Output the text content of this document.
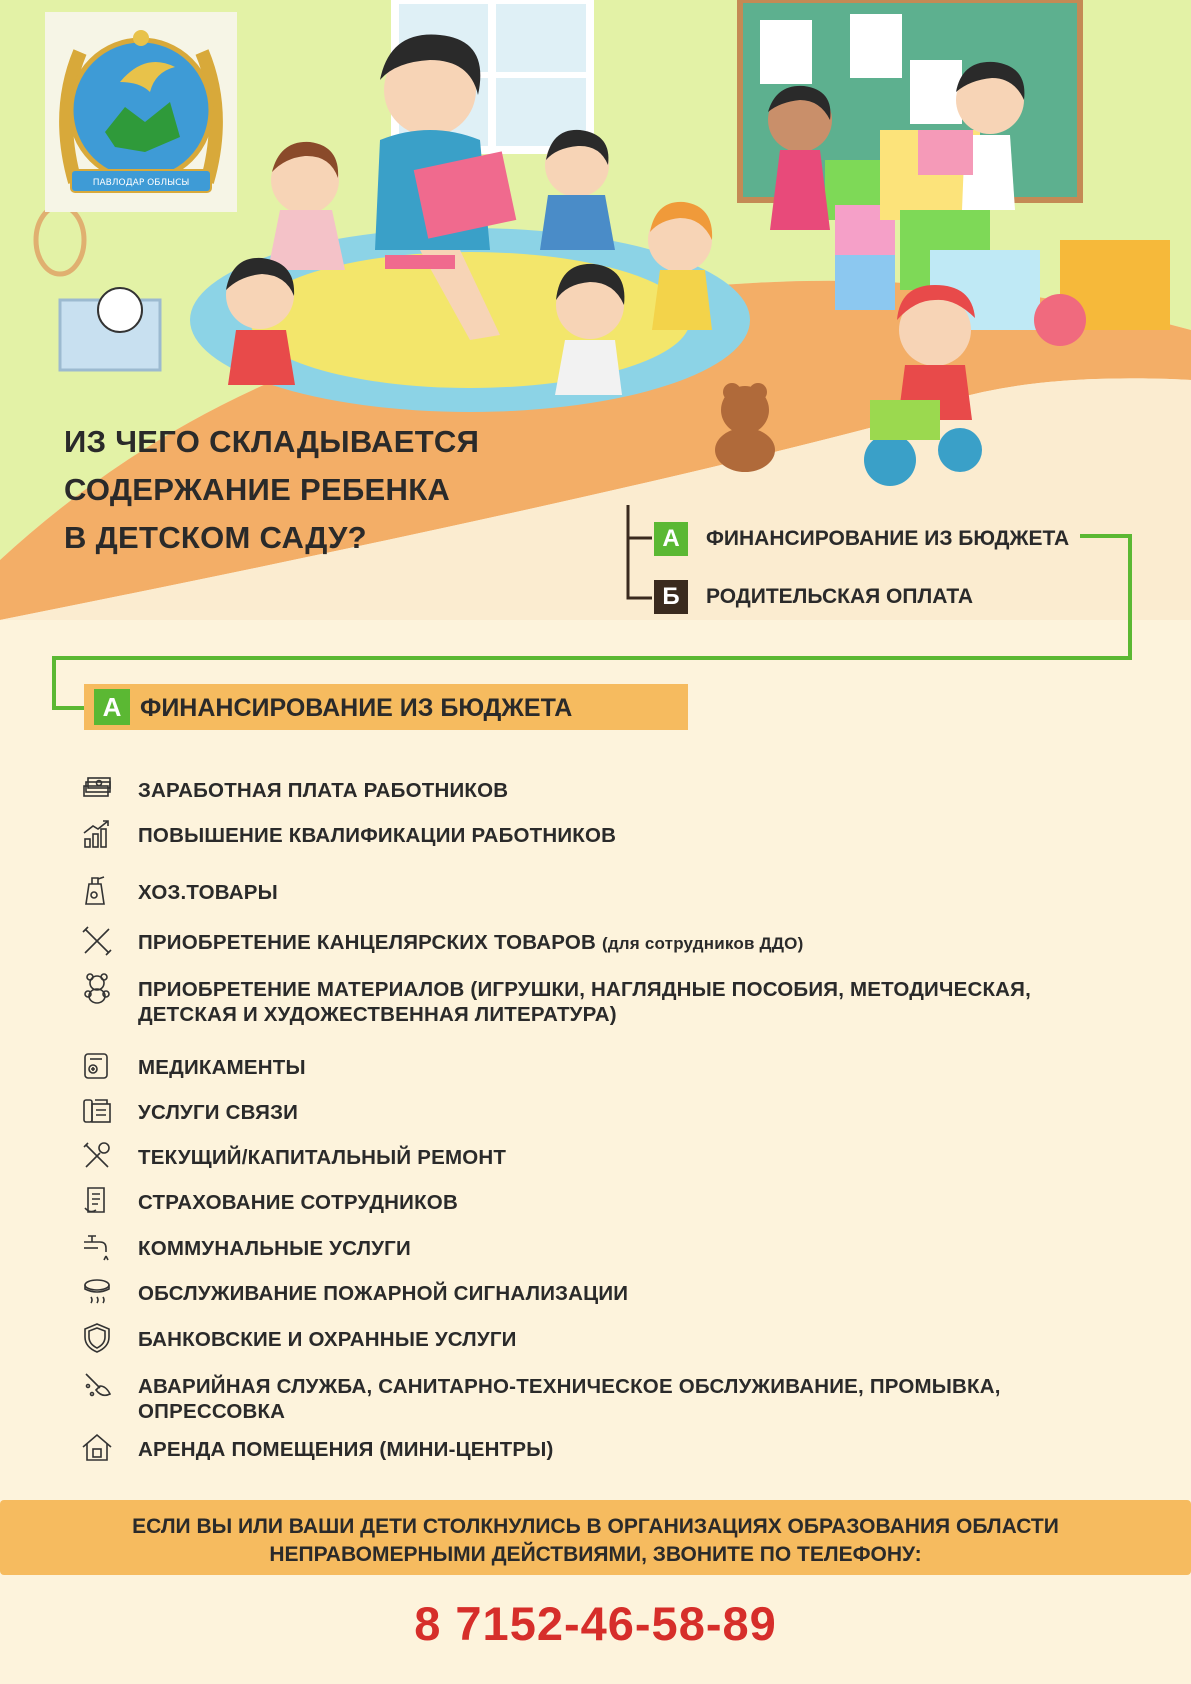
ПАВЛОДАР ОБЛЫСЫ
ИЗ ЧЕГО СКЛАДЫВАЕТСЯ
СОДЕРЖАНИЕ РЕБЕНКА
В ДЕТСКОМ САДУ?	А	ФИНАНСИРОВАНИЕ ИЗ БЮДЖЕТА
Б	РОДИТЕЛЬСКАЯ ОПЛАТА
А ФИНАНСИРОВАНИЕ ИЗ БЮДЖЕТА
ЗАРАБОТНАЯ ПЛАТА РАБОТНИКОВ
ПОВЫШЕНИЕ КВАЛИФИКАЦИИ РАБОТНИКОВ
ХОЗ.ТОВАРЫ
ПРИОБРЕТЕНИЕ КАНЦЕЛЯРСКИХ ТОВАРОВ (для сотрудников ДДО)
ПРИОБРЕТЕНИЕ МАТЕРИАЛОВ (ИГРУШКИ, НАГЛЯДНЫЕ ПОСОБИЯ, МЕТОДИЧЕСКАЯ,
ДЕТСКАЯ И ХУДОЖЕСТВЕННАЯ ЛИТЕРАТУРА)
МЕДИКАМЕНТЫ
УСЛУГИ СВЯЗИ
ТЕКУЩИЙ/КАПИТАЛЬНЫЙ РЕМОНТ
СТРАХОВАНИЕ СОТРУДНИКОВ
КОММУНАЛЬНЫЕ УСЛУГИ
ОБСЛУЖИВАНИЕ ПОЖАРНОЙ СИГНАЛИЗАЦИИ
БАНКОВСКИЕ И ОХРАННЫЕ УСЛУГИ
АВАРИЙНАЯ СЛУЖБА, САНИТАРНО-ТЕХНИЧЕСКОЕ ОБСЛУЖИВАНИЕ, ПРОМЫВКА,
ОПРЕССОВКА
АРЕНДА ПОМЕЩЕНИЯ (МИНИ-ЦЕНТРЫ)
ЕСЛИ ВЫ ИЛИ ВАШИ ДЕТИ СТОЛКНУЛИСЬ В ОРГАНИЗАЦИЯХ ОБРАЗОВАНИЯ ОБЛАСТИ
НЕПРАВОМЕРНЫМИ ДЕЙСТВИЯМИ, ЗВОНИТЕ ПО ТЕЛЕФОНУ:
8 7152-46-58-89
